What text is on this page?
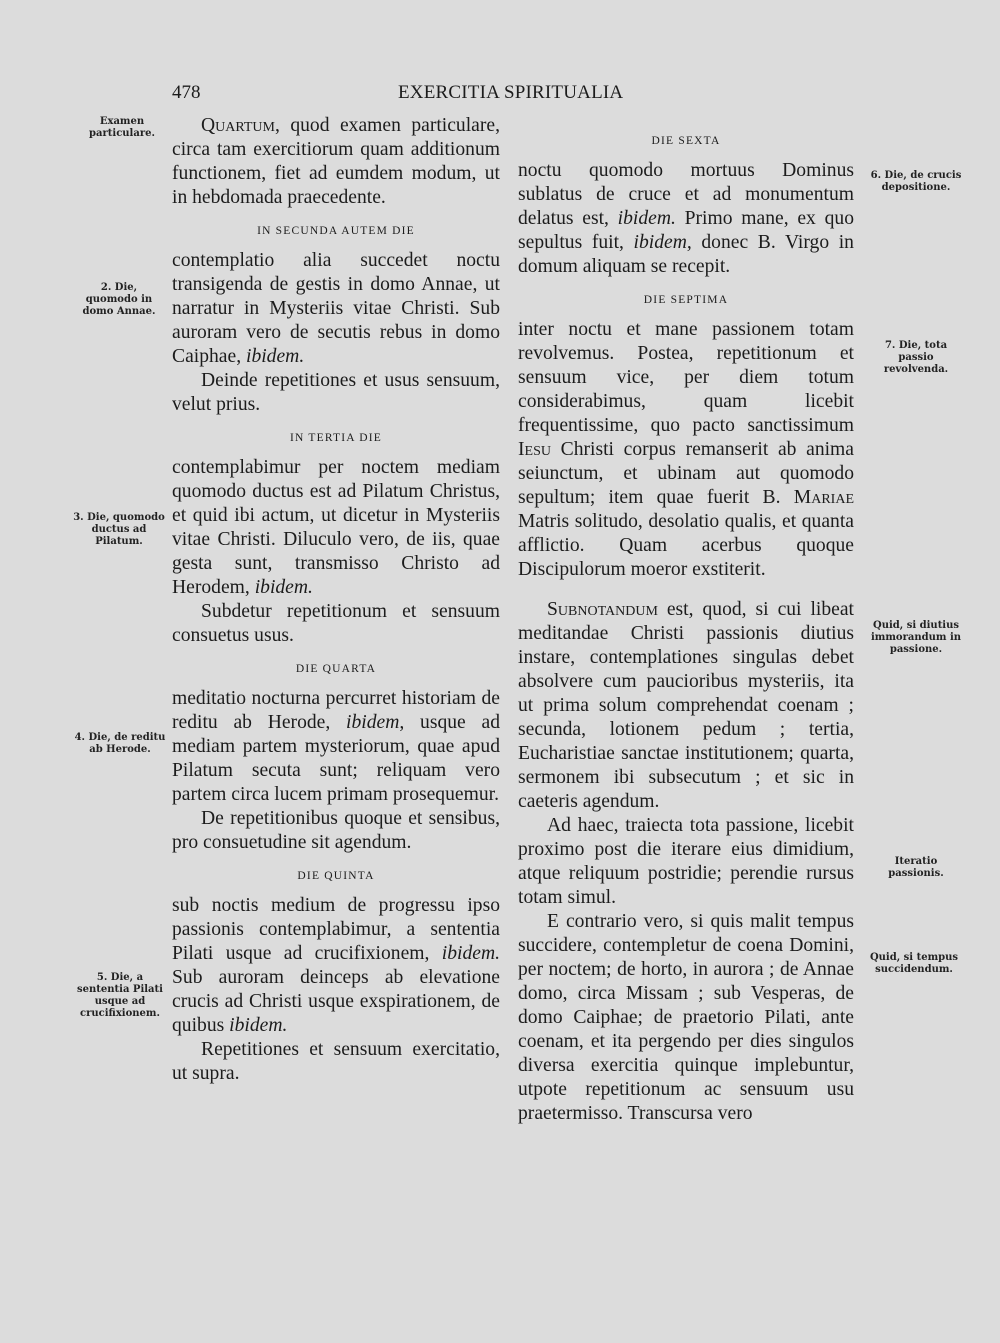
478	EXERCITIA SPIRITUALIA

Examen particulare.

2. Die, quomodo in domo Annae.

3. Die, quomodo ductus ad Pilatum.

4. Die, de reditu ab Herode.

5. Die, a sententia Pilati usque ad crucifixionem.

6. Die, de crucis depositione.

7. Die, tota passio revolvenda.

Quid, si diutius immorandum in passione.

Iteratio passionis.

Quid, si tempus succidendum.

Quartum, quod examen particulare, circa tam exercitiorum quam additionum functionem, fiet ad eumdem modum, ut in hebdomada praecedente.

IN SECUNDA AUTEM DIE

contemplatio alia succedet noctu transigenda de gestis in domo Annae, ut narratur in Mysteriis vitae Christi. Sub auroram vero de secutis rebus in domo Caiphae, ibidem.

Deinde repetitiones et usus sensuum, velut prius.

IN TERTIA DIE

contemplabimur per noctem mediam quomodo ductus est ad Pilatum Christus, et quid ibi actum, ut dicetur in Mysteriis vitae Christi. Diluculo vero, de iis, quae gesta sunt, transmisso Christo ad Herodem, ibidem.

Subdetur repetitionum et sensuum consuetus usus.

DIE QUARTA

meditatio nocturna percurret historiam de reditu ab Herode, ibidem, usque ad mediam partem mysteriorum, quae apud Pilatum secuta sunt; reliquam vero partem circa lucem primam prosequemur.

De repetitionibus quoque et sensibus, pro consuetudine sit agendum.

DIE QUINTA

sub noctis medium de progressu ipso passionis contemplabimur, a sententia Pilati usque ad crucifixionem, ibidem. Sub auroram deinceps ab elevatione crucis ad Christi usque exspirationem, de quibus ibidem.

Repetitiones et sensuum exercitatio, ut supra.

DIE SEXTA

noctu quomodo mortuus Dominus sublatus de cruce et ad monumentum delatus est, ibidem. Primo mane, ex quo sepultus fuit, ibidem, donec B. Virgo in domum aliquam se recepit.

DIE SEPTIMA

inter noctu et mane passionem totam revolvemus. Postea, repetitionum et sensuum vice, per diem totum considerabimus, quam licebit frequentissime, quo pacto sanctissimum Iesu Christi corpus remanserit ab anima seiunctum, et ubinam aut quomodo sepultum; item quae fuerit B. Mariae Matris solitudo, desolatio qualis, et quanta afflictio. Quam acerbus quoque Discipulorum moeror exstiterit.

Subnotandum est, quod, si cui libeat meditandae Christi passionis diutius instare, contemplationes singulas debet absolvere cum paucioribus mysteriis, ita ut prima solum comprehendat coenam ; secunda, lotionem pedum ; tertia, Eucharistiae sanctae institutionem; quarta, sermonem ibi subsecutum ; et sic in caeteris agendum.

Ad haec, traiecta tota passione, licebit proximo post die iterare eius dimidium, atque reliquum postridie; perendie rursus totam simul.

E contrario vero, si quis malit tempus succidere, contempletur de coena Domini, per noctem; de horto, in aurora ; de Annae domo, circa Missam ; sub Vesperas, de domo Caiphae; de praetorio Pilati, ante coenam, et ita pergendo per dies singulos diversa exercitia quinque implebuntur, utpote repetitionum ac sensuum usu praetermisso. Transcursa vero
